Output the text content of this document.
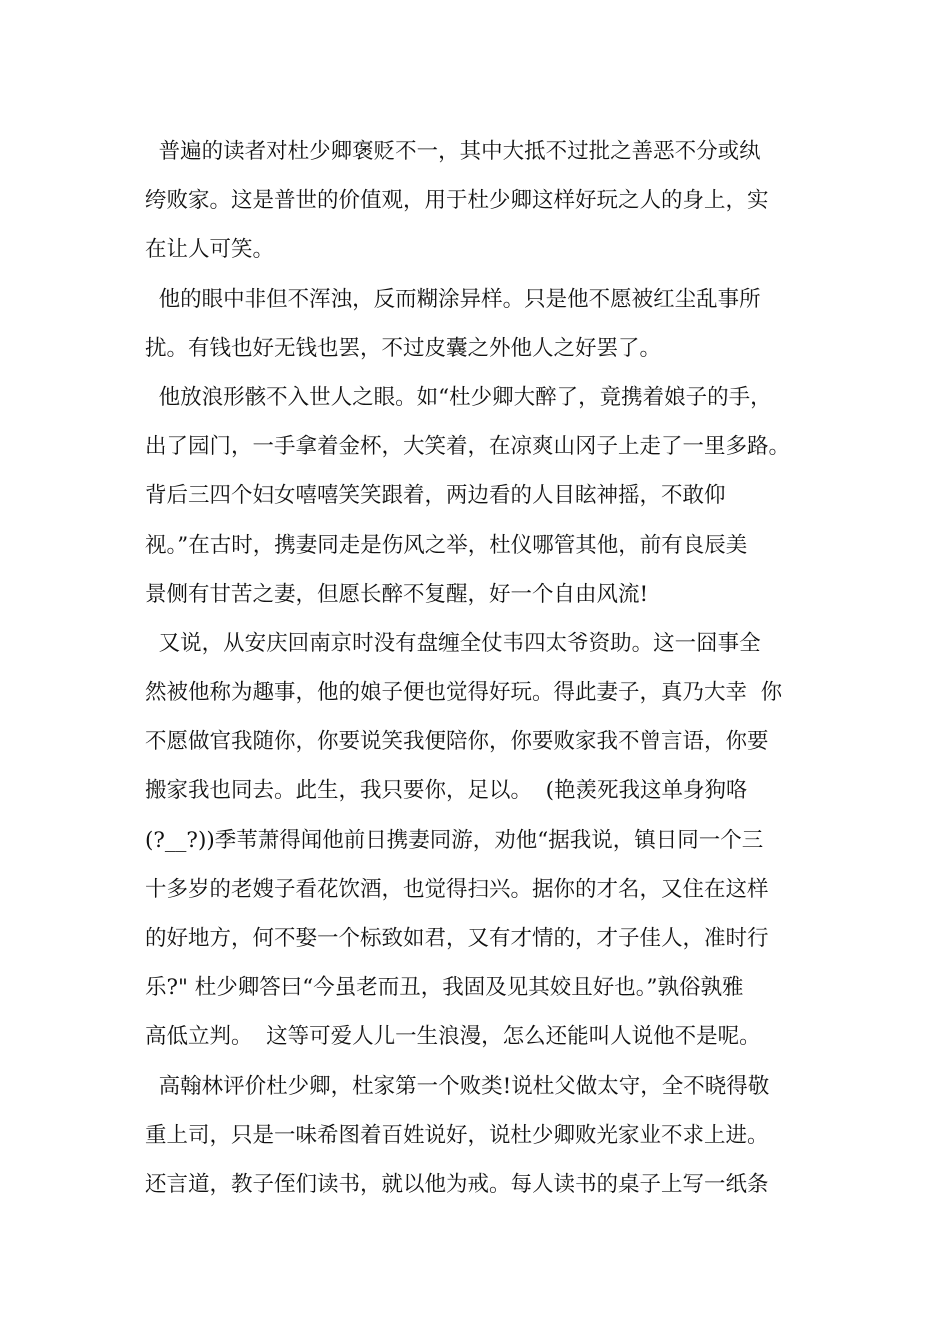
普遍的读者对杜少卿褒贬不一，其中大抵不过批之善恶不分或纨
绔败家。这是普世的价值观，用于杜少卿这样好玩之人的身上，实
在让人可笑。
他的眼中非但不浑浊，反而糊涂异样。只是他不愿被红尘乱事所
扰。有钱也好无钱也罢，不过皮囊之外他人之好罢了。
他放浪形骸不入世人之眼。如“杜少卿大醉了，竟携着娘子的手，
出了园门，一手拿着金杯，大笑着，在凉爽山冈子上走了一里多路。
背后三四个妇女嘻嘻笑笑跟着，两边看的人目眩神摇，不敢仰
视。”在古时，携妻同走是伤风之举，杜仪哪管其他，前有良辰美
景侧有甘苦之妻，但愿长醉不复醒，好一个自由风流!
又说，从安庆回南京时没有盘缠全仗韦四太爷资助。这一囧事全
然被他称为趣事，他的娘子便也觉得好玩。得此妻子，真乃大幸  你
不愿做官我随你，你要说笑我便陪你，你要败家我不曾言语，你要
搬家我也同去。此生，我只要你，足以。  (艳羡死我这单身狗咯
(?__?))季苇萧得闻他前日携妻同游，劝他“据我说，镇日同一个三
十多岁的老嫂子看花饮酒，也觉得扫兴。据你的才名，又住在这样
的好地方，何不娶一个标致如君，又有才情的，才子佳人，准时行
乐?" 杜少卿答曰“今虽老而丑，我固及见其姣且好也。”孰俗孰雅
高低立判。  这等可爱人儿一生浪漫，怎么还能叫人说他不是呢。
高翰林评价杜少卿，杜家第一个败类!说杜父做太守，全不晓得敬
重上司，只是一味希图着百姓说好，说杜少卿败光家业不求上进。
还言道，教子侄们读书，就以他为戒。每人读书的桌子上写一纸条
